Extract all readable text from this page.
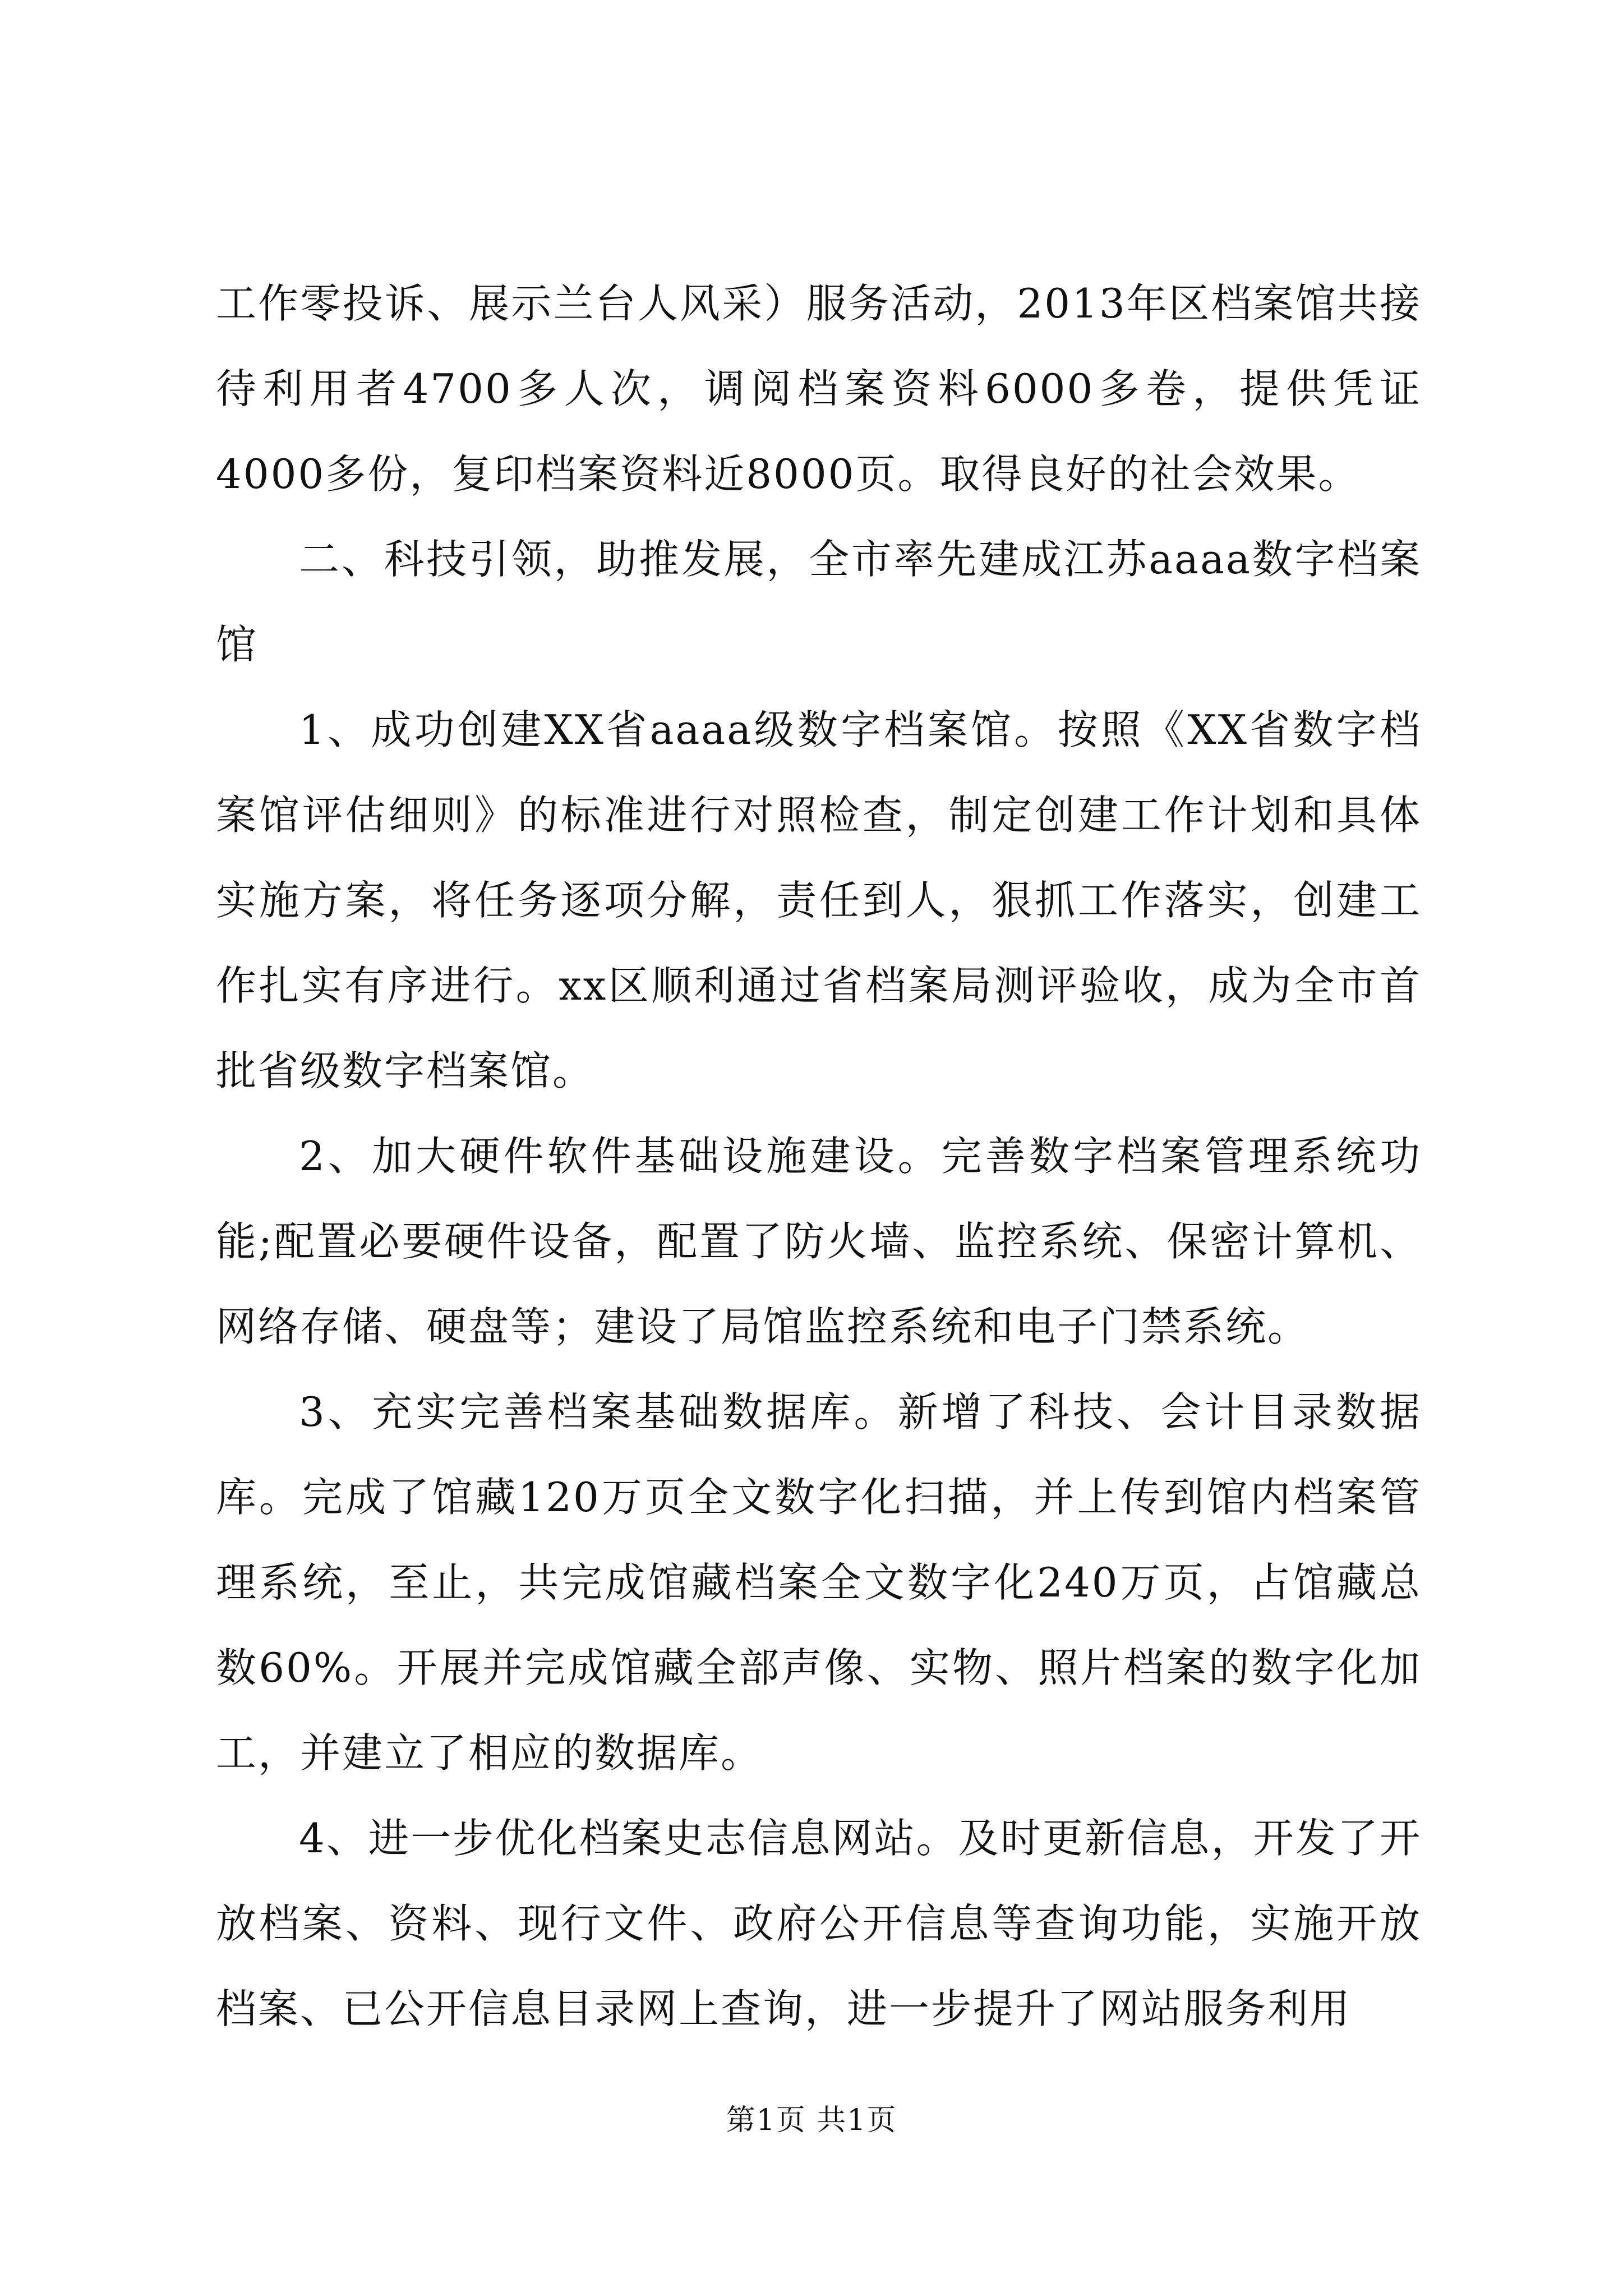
工作零投诉、展示兰台人风采）服务活动，2013年区档案馆共接待利用者4700多人次，调阅档案资料6000多卷，提供凭证4000多份，复印档案资料近8000页。取得良好的社会效果。

二、科技引领，助推发展，全市率先建成江苏aaaa数字档案馆

1、成功创建XX省aaaa级数字档案馆。按照《XX省数字档案馆评估细则》的标准进行对照检查，制定创建工作计划和具体实施方案，将任务逐项分解，责任到人，狠抓工作落实，创建工作扎实有序进行。xx区顺利通过省档案局测评验收，成为全市首批省级数字档案馆。

2、加大硬件软件基础设施建设。完善数字档案管理系统功能;配置必要硬件设备，配置了防火墙、监控系统、保密计算机、网络存储、硬盘等；建设了局馆监控系统和电子门禁系统。

3、充实完善档案基础数据库。新增了科技、会计目录数据库。完成了馆藏120万页全文数字化扫描，并上传到馆内档案管理系统，至止，共完成馆藏档案全文数字化240万页，占馆藏总数60%。开展并完成馆藏全部声像、实物、照片档案的数字化加工，并建立了相应的数据库。

4、进一步优化档案史志信息网站。及时更新信息，开发了开放档案、资料、现行文件、政府公开信息等查询功能，实施开放档案、已公开信息目录网上查询，进一步提升了网站服务利用

第1页 共1页
